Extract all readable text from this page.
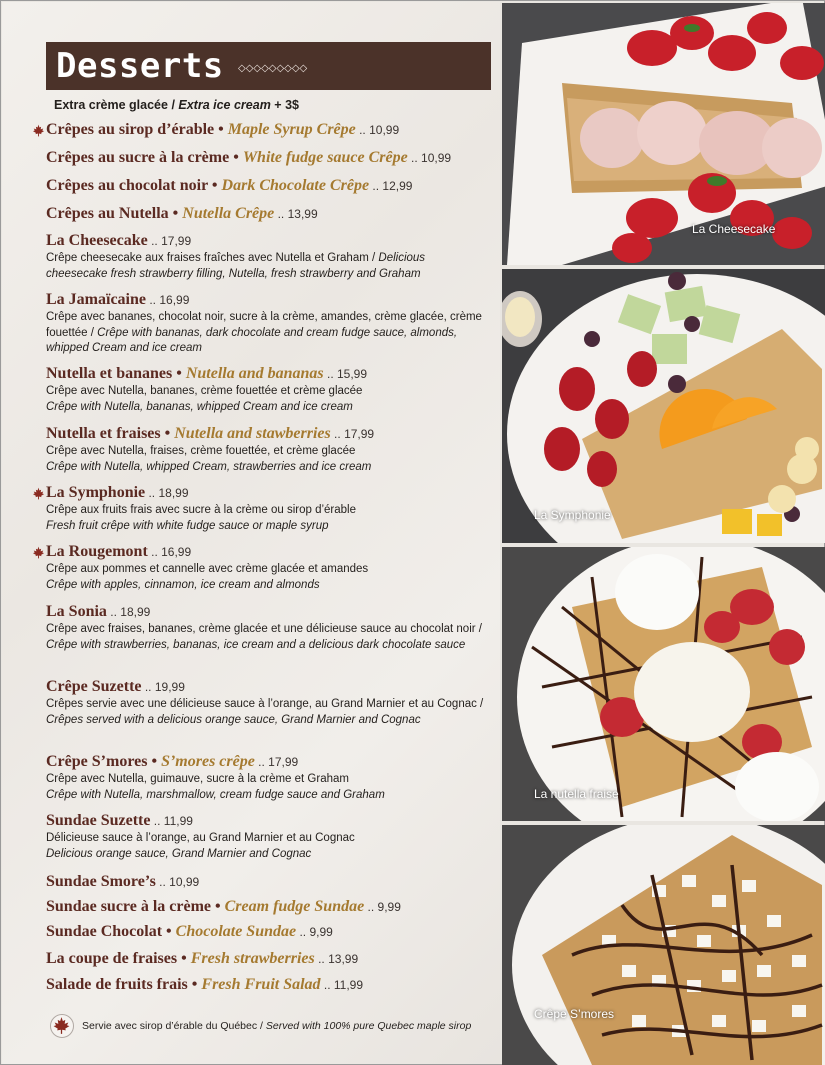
Desserts ◇◇◇◇◇◇◇◇◇
Extra crème glacée / Extra ice cream + 3$
Crêpes au sirop d’érable • Maple Syrup Crêpe .. 10,99
Crêpes au sucre à la crème • White fudge sauce Crêpe .. 10,99
Crêpes au chocolat noir • Dark Chocolate Crêpe .. 12,99
Crêpes au Nutella • Nutella Crêpe .. 13,99
La Cheesecake .. 17,99
Crêpe cheesecake aux fraises fraîches avec Nutella et Graham / Delicious cheesecake fresh strawberry filling, Nutella, fresh strawberry and Graham
La Jamaïcaine .. 16,99
Crêpe avec bananes, chocolat noir, sucre à la crème, amandes, crème glacée, crème fouettée / Crêpe with bananas, dark chocolate and cream fudge sauce, almonds, whipped Cream and ice cream
Nutella et bananes • Nutella and bananas .. 15,99
Crêpe avec Nutella, bananes, crème fouettée et crème glacée
Crêpe with Nutella, bananas, whipped Cream and ice cream
Nutella et fraises • Nutella and stawberries .. 17,99
Crêpe avec Nutella, fraises, crème fouettée, et crème glacée
Crêpe with Nutella, whipped Cream, strawberries and ice cream
La Symphonie .. 18,99
Crêpe aux fruits frais avec sucre à la crème ou sirop d’érable
Fresh fruit crêpe with white fudge sauce or maple syrup
La Rougemont .. 16,99
Crêpe aux pommes et cannelle avec crème glacée et amandes
Crêpe with apples, cinnamon, ice cream and almonds
La Sonia .. 18,99
Crêpe avec fraises, bananes, crème glacée et une délicieuse sauce au chocolat noir / Crêpe with strawberries, bananas, ice cream and a delicious dark chocolate sauce
Crêpe Suzette .. 19,99
Crêpes servie avec une délicieuse sauce à l’orange, au Grand Marnier et au Cognac / Crêpes served with a delicious orange sauce, Grand Marnier and Cognac
Crêpe S’mores • S’mores crêpe .. 17,99
Crêpe avec Nutella, guimauve, sucre à la crème et Graham
Crêpe with Nutella, marshmallow, cream fudge sauce and Graham
Sundae Suzette .. 11,99
Délicieuse sauce à l’orange, au Grand Marnier et au Cognac
Delicious orange sauce, Grand Marnier and Cognac
Sundae Smore’s .. 10,99
Sundae sucre à la crème • Cream fudge Sundae .. 9,99
Sundae Chocolat • Chocolate Sundae .. 9,99
La coupe de fraises • Fresh strawberries .. 13,99
Salade de fruits frais • Fresh Fruit Salad .. 11,99
Servie avec sirop d’érable du Québec / Served with 100% pure Quebec maple sirop
La Cheesecake
La Symphonie
La nutella fraise
Crêpe S’mores
